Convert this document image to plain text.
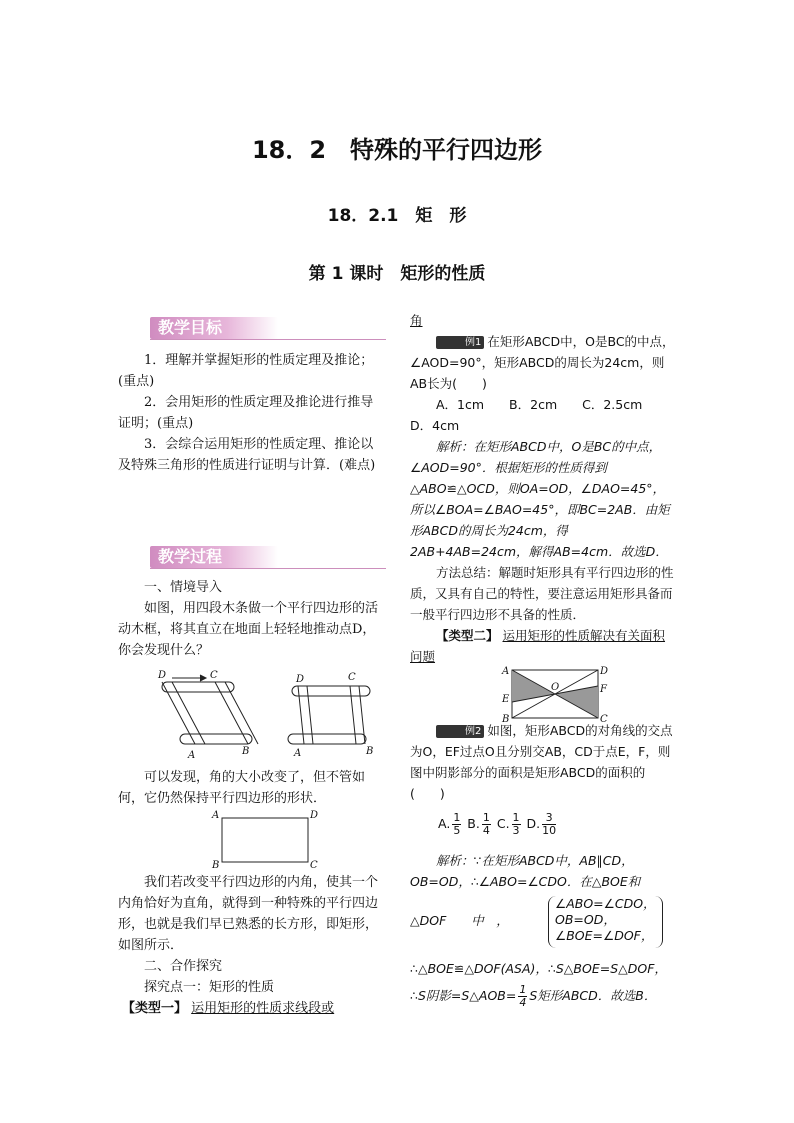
18．2　特殊的平行四边形
18．2.1　矩　形
第 1 课时　矩形的性质
教学目标
1．理解并掌握矩形的性质定理及推论；(重点)
2．会用矩形的性质定理及推论进行推导证明；(重点)
3．会综合运用矩形的性质定理、推论以及特殊三角形的性质进行证明与计算．(难点)
教学过程
一、情境导入
如图，用四段木条做一个平行四边形的活动木框，将其直立在地面上轻轻地推动点D，你会发现什么？
D	C
A	B
D	C
A	B
可以发现，角的大小改变了，但不管如何，它仍然保持平行四边形的形状．
A	D
B	C
我们若改变平行四边形的内角，使其一个内角恰好为直角，就得到一种特殊的平行四边形，也就是我们早已熟悉的长方形，即矩形，如图所示．
二、合作探究
探究点一：矩形的性质
【类型一】 运用矩形的性质求线段或
角
例1 在矩形ABCD中，O是BC的中点，∠AOD=90°，矩形ABCD的周长为24cm，则AB长为(　　)
A．1cm　　B．2cm　　C．2.5cm
D．4cm
解析：在矩形ABCD中，O是BC的中点，∠AOD=90°．根据矩形的性质得到△ABO≌△OCD，则OA=OD，∠DAO=45°，所以∠BOA=∠BAO=45°，即BC=2AB．由矩形ABCD的周长为24cm，得2AB+4AB=24cm，解得AB=4cm．故选D．
方法总结：解题时矩形具有平行四边形的性质，又具有自己的特性，要注意运用矩形具备而一般平行四边形不具备的性质．
【类型二】 运用矩形的性质解决有关面积问题
A	D
E
O	F
B	C
例2 如图，矩形ABCD的对角线的交点为O，EF过点O且分别交AB，CD于点E，F，则图中阴影部分的面积是矩形ABCD的面积的(　　)
A. $\frac{1}{5} B$. $\frac{1}{4} C$. $\frac{1}{3} D$. $\frac{3}{10}$
解析：∵在矩形ABCD中，AB∥CD，OB=OD，∴∠ABO=∠CDO．在△BOE和
△DOF　　中　，
∠ABO=∠CDO，
OB=OD，
∠BOE=∠DOF，
∴△BOE≌△DOF(ASA)，∴S△BOE=S△DOF，
∴S阴影=S△AOB= $\frac{1}{4}$ S矩形ABCD．故选B．
